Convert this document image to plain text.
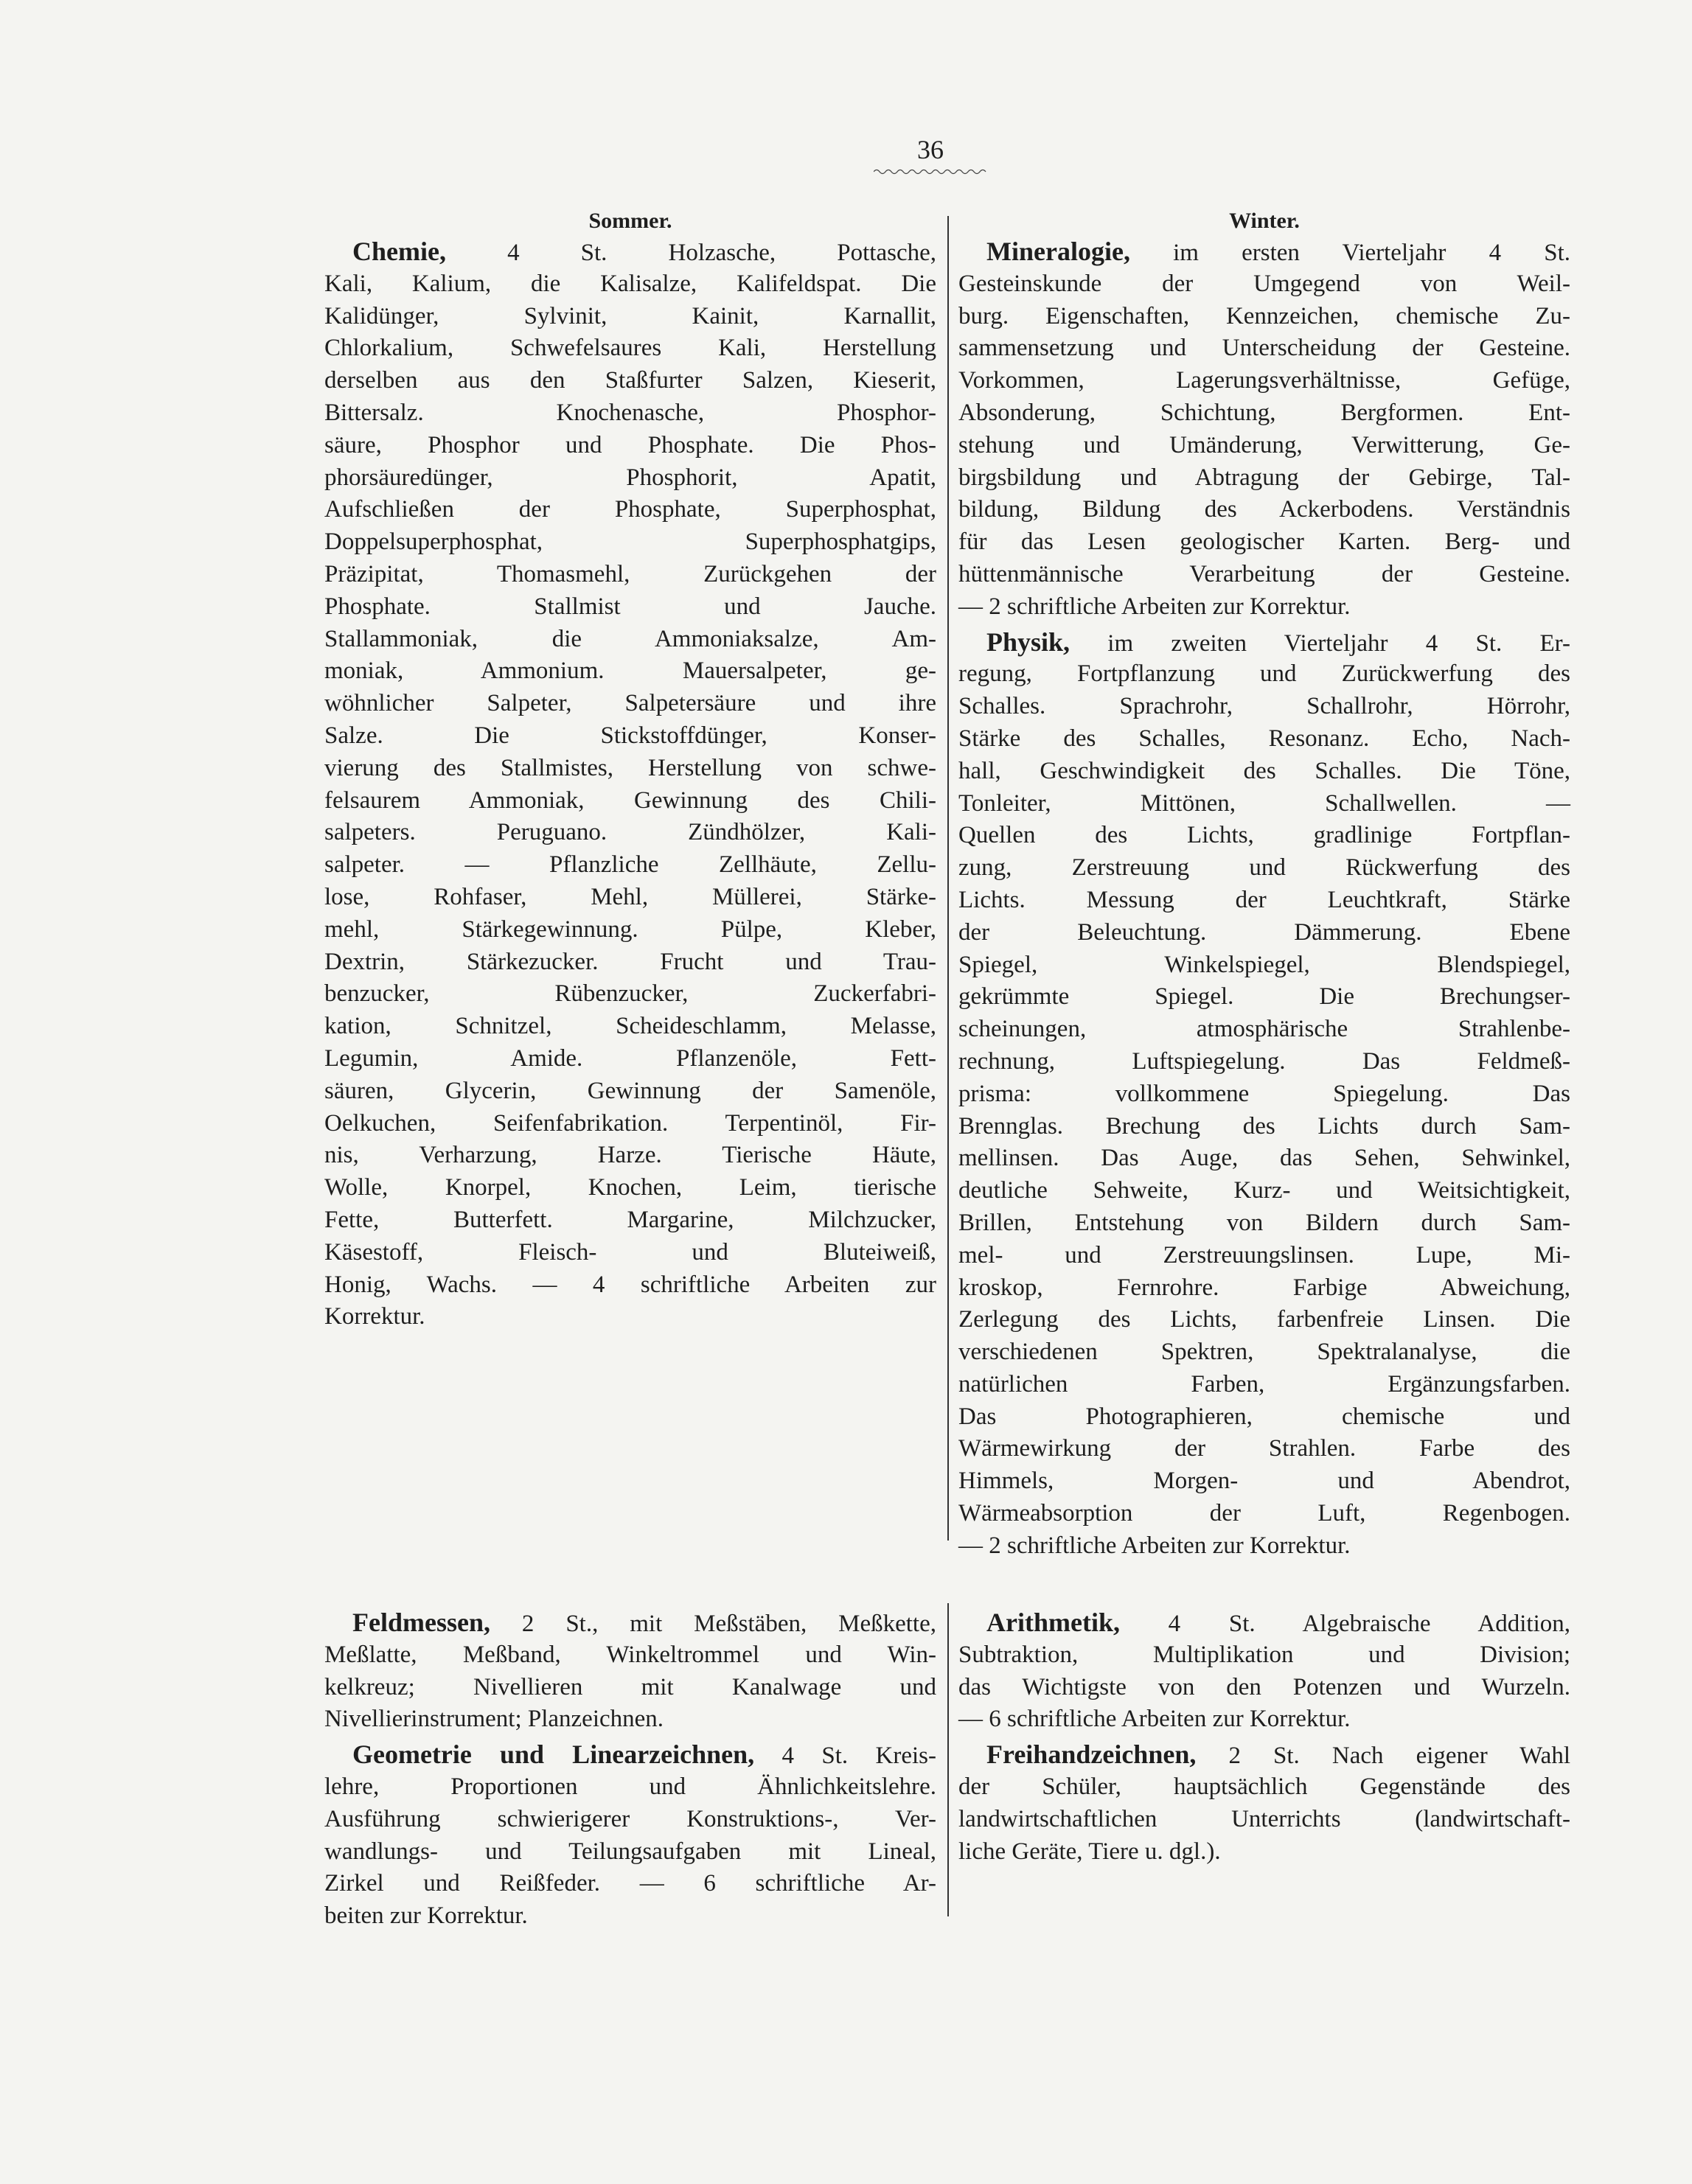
36
Sommer.
Chemie,	4 St. Holzasche, Pottasche,
Kali, Kalium, die Kalisalze, Kalifeldspat. Die
Kalidünger, Sylvinit, Kainit, Karnallit,
Chlorkalium, Schwefelsaures Kali, Herstellung
derselben aus den Staßfurter Salzen, Kieserit,
Bittersalz. Knochenasche, Phosphor-
säure, Phosphor und Phosphate. Die Phos-
phorsäuredünger, Phosphorit, Apatit,
Aufschließen der Phosphate, Superphosphat,
Doppelsuperphosphat, Superphosphatgips,
Präzipitat, Thomasmehl, Zurückgehen der
Phosphate. Stallmist und Jauche.
Stallammoniak, die Ammoniaksalze, Am-
moniak, Ammonium. Mauersalpeter, ge-
wöhnlicher Salpeter, Salpetersäure und ihre
Salze. Die Stickstoffdünger, Konser-
vierung des Stallmistes, Herstellung von schwe-
felsaurem Ammoniak, Gewinnung des Chili-
salpeters. Peruguano. Zündhölzer, Kali-
salpeter. — Pflanzliche Zellhäute, Zellu-
lose, Rohfaser, Mehl, Müllerei, Stärke-
mehl, Stärkegewinnung. Pülpe, Kleber,
Dextrin, Stärkezucker. Frucht und Trau-
benzucker, Rübenzucker, Zuckerfabri-
kation, Schnitzel, Scheideschlamm, Melasse,
Legumin, Amide. Pflanzenöle, Fett-
säuren, Glycerin, Gewinnung der Samenöle,
Oelkuchen, Seifenfabrikation. Terpentinöl, Fir-
nis, Verharzung, Harze. Tierische Häute,
Wolle, Knorpel, Knochen, Leim, tierische
Fette, Butterfett. Margarine, Milchzucker,
Käsestoff, Fleisch- und Bluteiweiß,
Honig, Wachs. — 4 schriftliche Arbeiten zur
Korrektur.
Winter.
Mineralogie, im ersten Vierteljahr 4 St.
Gesteinskunde der Umgegend von Weil-
burg. Eigenschaften, Kennzeichen, chemische Zu-
sammensetzung und Unterscheidung der Gesteine.
Vorkommen, Lagerungsverhältnisse, Gefüge,
Absonderung, Schichtung, Bergformen. Ent-
stehung und Umänderung, Verwitterung, Ge-
birgsbildung und Abtragung der Gebirge, Tal-
bildung, Bildung des Ackerbodens. Verständnis
für das Lesen geologischer Karten. Berg- und
hüttenmännische Verarbeitung der Gesteine.
— 2 schriftliche Arbeiten zur Korrektur.
Physik, im zweiten Vierteljahr 4 St. Er-
regung, Fortpflanzung und Zurückwerfung des
Schalles. Sprachrohr, Schallrohr, Hörrohr,
Stärke des Schalles, Resonanz. Echo, Nach-
hall, Geschwindigkeit des Schalles. Die Töne,
Tonleiter, Mittönen, Schallwellen. —
Quellen des Lichts, gradlinige Fortpflan-
zung, Zerstreuung und Rückwerfung des
Lichts. Messung der Leuchtkraft, Stärke
der Beleuchtung. Dämmerung. Ebene
Spiegel, Winkelspiegel, Blendspiegel,
gekrümmte Spiegel. Die Brechungser-
scheinungen, atmosphärische Strahlenbe-
rechnung, Luftspiegelung. Das Feldmeß-
prisma: vollkommene Spiegelung. Das
Brennglas. Brechung des Lichts durch Sam-
mellinsen. Das Auge, das Sehen, Sehwinkel,
deutliche Sehweite, Kurz- und Weitsichtigkeit,
Brillen, Entstehung von Bildern durch Sam-
mel- und Zerstreuungslinsen. Lupe, Mi-
kroskop, Fernrohre. Farbige Abweichung,
Zerlegung des Lichts, farbenfreie Linsen. Die
verschiedenen Spektren, Spektralanalyse, die
natürlichen Farben, Ergänzungsfarben.
Das Photographieren, chemische und
Wärmewirkung der Strahlen. Farbe des
Himmels, Morgen- und Abendrot,
Wärmeabsorption der Luft, Regenbogen.
— 2 schriftliche Arbeiten zur Korrektur.
Feldmessen, 2 St., mit Meßstäben, Meßkette,
Meßlatte, Meßband, Winkeltrommel und Win-
kelkreuz; Nivellieren mit Kanalwage und
Nivellierinstrument; Planzeichnen.
Geometrie und Linearzeichnen, 4 St. Kreis-
lehre, Proportionen und Ähnlichkeitslehre.
Ausführung schwierigerer Konstruktions-, Ver-
wandlungs- und Teilungsaufgaben mit Lineal,
Zirkel und Reißfeder. — 6 schriftliche Ar-
beiten zur Korrektur.
Arithmetik, 4 St. Algebraische Addition,
Subtraktion, Multiplikation und Division;
das Wichtigste von den Potenzen und Wurzeln.
— 6 schriftliche Arbeiten zur Korrektur.
Freihandzeichnen, 2 St. Nach eigener Wahl
der Schüler, hauptsächlich Gegenstände des
landwirtschaftlichen Unterrichts (landwirtschaft-
liche Geräte, Tiere u. dgl.).
